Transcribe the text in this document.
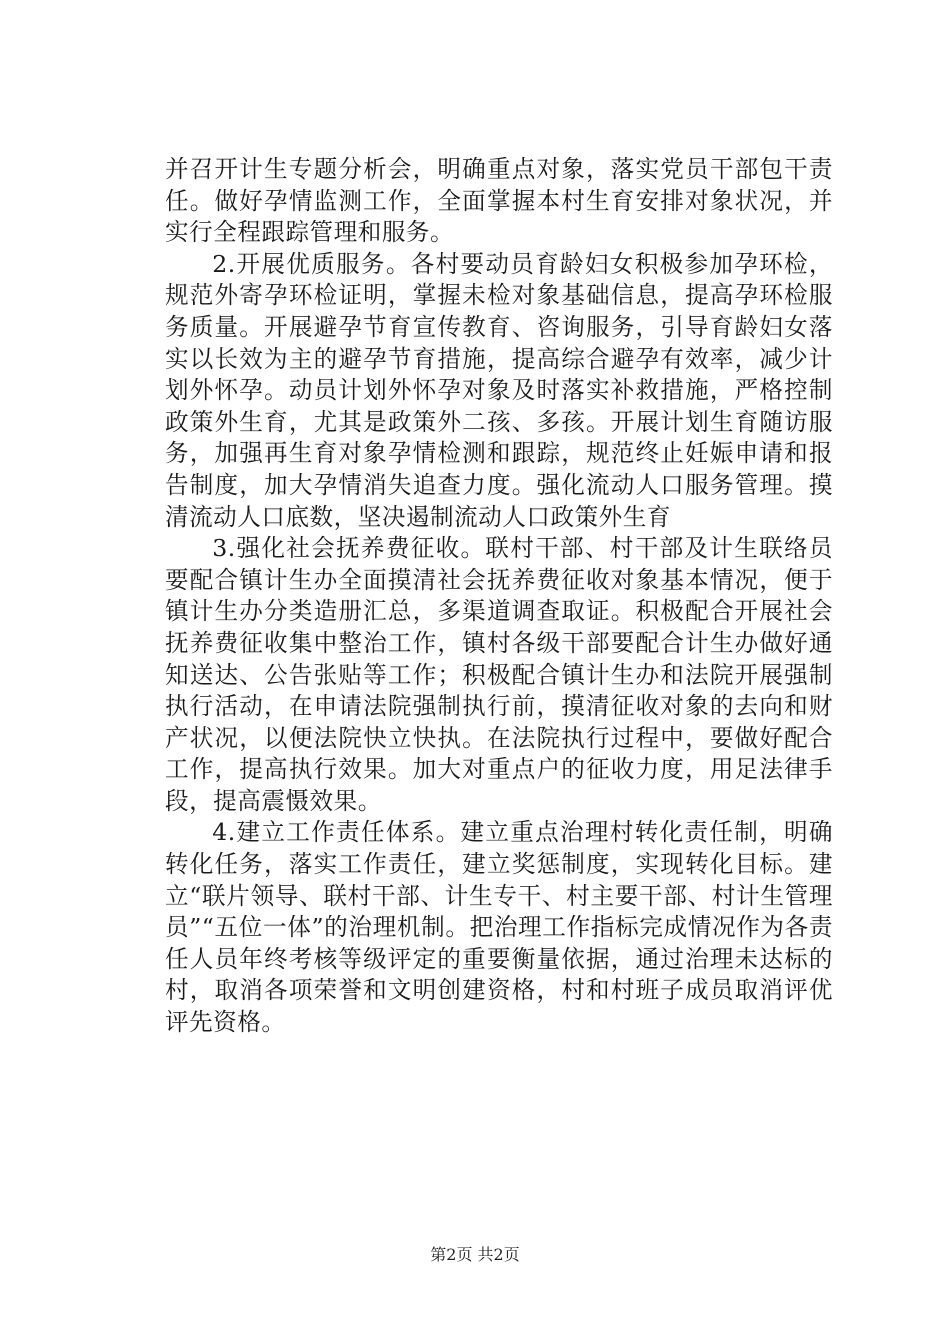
并召开计生专题分析会，明确重点对象，落实党员干部包干责任。做好孕情监测工作，全面掌握本村生育安排对象状况，并实行全程跟踪管理和服务。

2.开展优质服务。各村要动员育龄妇女积极参加孕环检，规范外寄孕环检证明，掌握未检对象基础信息，提高孕环检服务质量。开展避孕节育宣传教育、咨询服务，引导育龄妇女落实以长效为主的避孕节育措施，提高综合避孕有效率，减少计划外怀孕。动员计划外怀孕对象及时落实补救措施，严格控制政策外生育，尤其是政策外二孩、多孩。开展计划生育随访服务，加强再生育对象孕情检测和跟踪，规范终止妊娠申请和报告制度，加大孕情消失追查力度。强化流动人口服务管理。摸清流动人口底数，坚决遏制流动人口政策外生育

3.强化社会抚养费征收。联村干部、村干部及计生联络员要配合镇计生办全面摸清社会抚养费征收对象基本情况，便于镇计生办分类造册汇总，多渠道调查取证。积极配合开展社会抚养费征收集中整治工作，镇村各级干部要配合计生办做好通知送达、公告张贴等工作；积极配合镇计生办和法院开展强制执行活动，在申请法院强制执行前，摸清征收对象的去向和财产状况，以便法院快立快执。在法院执行过程中，要做好配合工作，提高执行效果。加大对重点户的征收力度，用足法律手段，提高震慑效果。

4.建立工作责任体系。建立重点治理村转化责任制，明确转化任务，落实工作责任，建立奖惩制度，实现转化目标。建立“联片领导、联村干部、计生专干、村主要干部、村计生管理员”“五位一体”的治理机制。把治理工作指标完成情况作为各责任人员年终考核等级评定的重要衡量依据，通过治理未达标的村，取消各项荣誉和文明创建资格，村和村班子成员取消评优评先资格。

第2页 共2页
